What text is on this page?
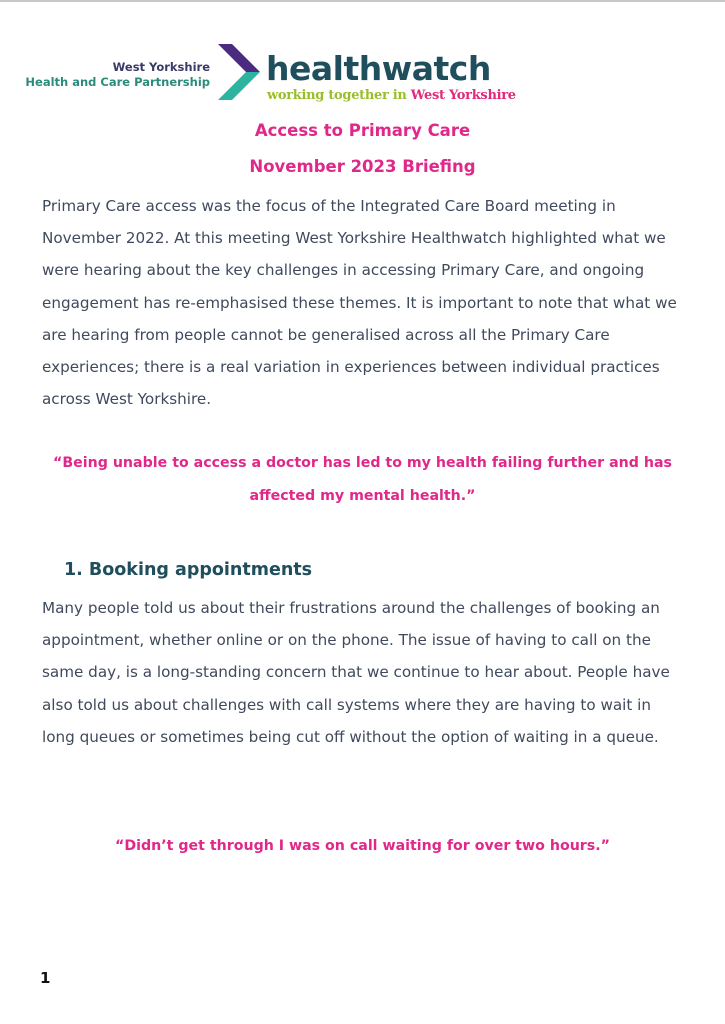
West Yorkshire
Health and Care Partnership healthwatch
working together in West Yorkshire
Access to Primary Care
November 2023 Briefing

Primary Care access was the focus of the Integrated Care Board meeting in November 2022. At this meeting West Yorkshire Healthwatch highlighted what we were hearing about the key challenges in accessing Primary Care, and ongoing engagement has re-emphasised these themes. It is important to note that what we are hearing from people cannot be generalised across all the Primary Care experiences; there is a real variation in experiences between individual practices across West Yorkshire.

“Being unable to access a doctor has led to my health failing further and has affected my mental health.”

1. Booking appointments

Many people told us about their frustrations around the challenges of booking an appointment, whether online or on the phone. The issue of having to call on the same day, is a long-standing concern that we continue to hear about. People have also told us about challenges with call systems where they are having to wait in long queues or sometimes being cut off without the option of waiting in a queue.

“Didn’t get through I was on call waiting for over two hours.”

1
